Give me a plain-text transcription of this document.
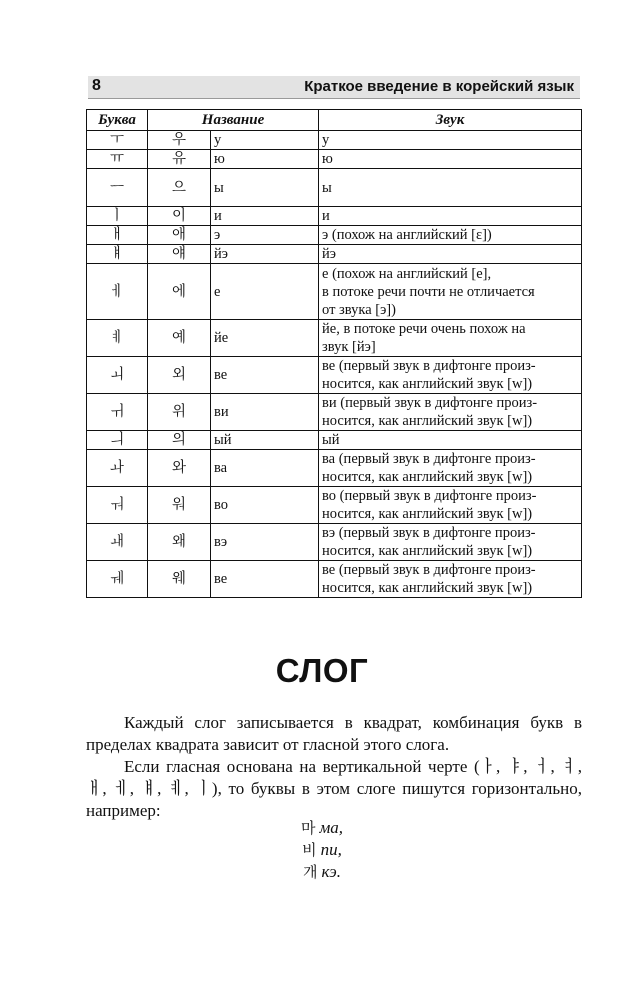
8	Краткое введение в корейский язык
Буква	Название		Звук
ㅜ	우	у	у
ㅠ	유	ю	ю
ㅡ	으	ы	ы
ㅣ	이	и	и
ㅐ	애	э	э (похож на английский [ɛ])
ㅒ	얘	йэ	йэ
ㅔ	에	е	е (похож на английский [e],
в потоке речи почти не отличается
от звука [э])
ㅖ	예	йе	йе, в потоке речи очень похож на
звук [йэ]
ㅚ	외	ве	ве (первый звук в дифтонге произ-
носится, как английский звук [w])
ㅟ	위	ви	ви (первый звук в дифтонге произ-
носится, как английский звук [w])
ㅢ	의	ый	ый
ㅘ	와	ва	ва (первый звук в дифтонге произ-
носится, как английский звук [w])
ㅝ	워	во	во (первый звук в дифтонге произ-
носится, как английский звук [w])
ㅙ	왜	вэ	вэ (первый звук в дифтонге произ-
носится, как английский звук [w])
ㅞ	웨	ве	ве (первый звук в дифтонге произ-
носится, как английский звук [w])
СЛОГ

Каждый слог записывается в квадрат, комбинация букв в пределах квадрата зависит от гласной этого слога.

Если гласная основана на вертикальной черте (ㅏ, ㅑ, ㅓ, ㅕ, ㅐ, ㅔ, ㅒ, ㅖ, ㅣ), то буквы в этом слоге пишутся горизонтально, например:

마 ма,
비 пи,
개 кэ.
